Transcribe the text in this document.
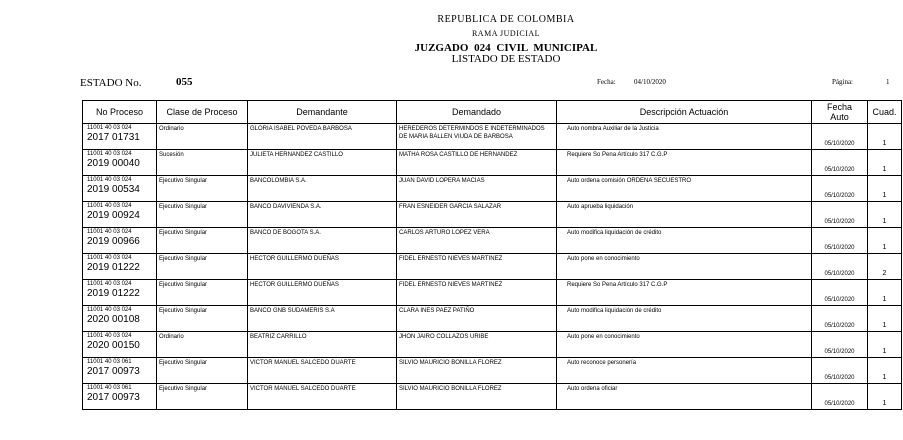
REPUBLICA DE COLOMBIA
RAMA JUDICIAL
JUZGADO 024 CIVIL MUNICIPAL
LISTADO DE ESTADO
ESTADO No.	055	Fecha:	04/10/2020	Página:	1
No Proceso	Clase de Proceso	Demandante	Demandado	Descripción Actuación	Fecha Auto	Cuad.

11001 40 03 024
2017 01731	Ordinario	GLORIA ISABEL POVEDA BARBOSA	HEREDEROS DETERMINDOS E INDETERMINADOS DE MARIA BALLEN VIUDA DE BARBOSA	Auto nombra Auxiliar de la Justicia	05/10/2020	1

11001 40 03 024
2019 00040	Sucesión	JULIETA HERNANDEZ CASTILLO	MATHA ROSA CASTILLO DE HERNANDEZ	Requiere So Pena Artículo 317 C.G.P	05/10/2020	1

11001 40 03 024
2019 00534	Ejecutivo Singular	BANCOLOMBIA S.A.	JUAN DAVID LOPERA MACIAS	Auto ordena comisión ORDENA SECUESTRO	05/10/2020	1

11001 40 03 024
2019 00924	Ejecutivo Singular	BANCO DAVIVIENDA S.A.	FRAN ESNEIDER GARCIA SALAZAR	Auto aprueba liquidación	05/10/2020	1

11001 40 03 024
2019 00966	Ejecutivo Singular	BANCO DE BOGOTA S.A.	CARLOS ARTURO LOPEZ VERA	Auto modifica liquidación de crédito	05/10/2020	1

11001 40 03 024
2019 01222	Ejecutivo Singular	HECTOR GUILLERMO DUEÑAS	FIDEL ERNESTO NIEVES MARTINEZ	Auto pone en conocimiento	05/10/2020	2

11001 40 03 024
2019 01222	Ejecutivo Singular	HECTOR GUILLERMO DUEÑAS	FIDEL ERNESTO NIEVES MARTINEZ	Requiere So Pena Artículo 317 C.G.P	05/10/2020	1

11001 40 03 024
2020 00108	Ejecutivo Singular	BANCO GNB SUDAMERIS S.A	CLARA INES PAEZ PATIÑO	Auto modifica liquidación de crédito	05/10/2020	1

11001 40 03 024
2020 00150	Ordinario	BEATRIZ CARRILLO	JHON JAIRO COLLAZOS URIBE	Auto pone en conocimiento	05/10/2020	1

11001 40 03 061
2017 00973	Ejecutivo Singular	VICTOR MANUEL SALCEDO DUARTE	SILVIO MAURICIO BONILLA FLOREZ	Auto reconoce personería	05/10/2020	1

11001 40 03 061
2017 00973	Ejecutivo Singular	VICTOR MANUEL SALCEDO DUARTE	SILVIO MAURICIO BONILLA FLOREZ	Auto ordena oficiar	05/10/2020	1
